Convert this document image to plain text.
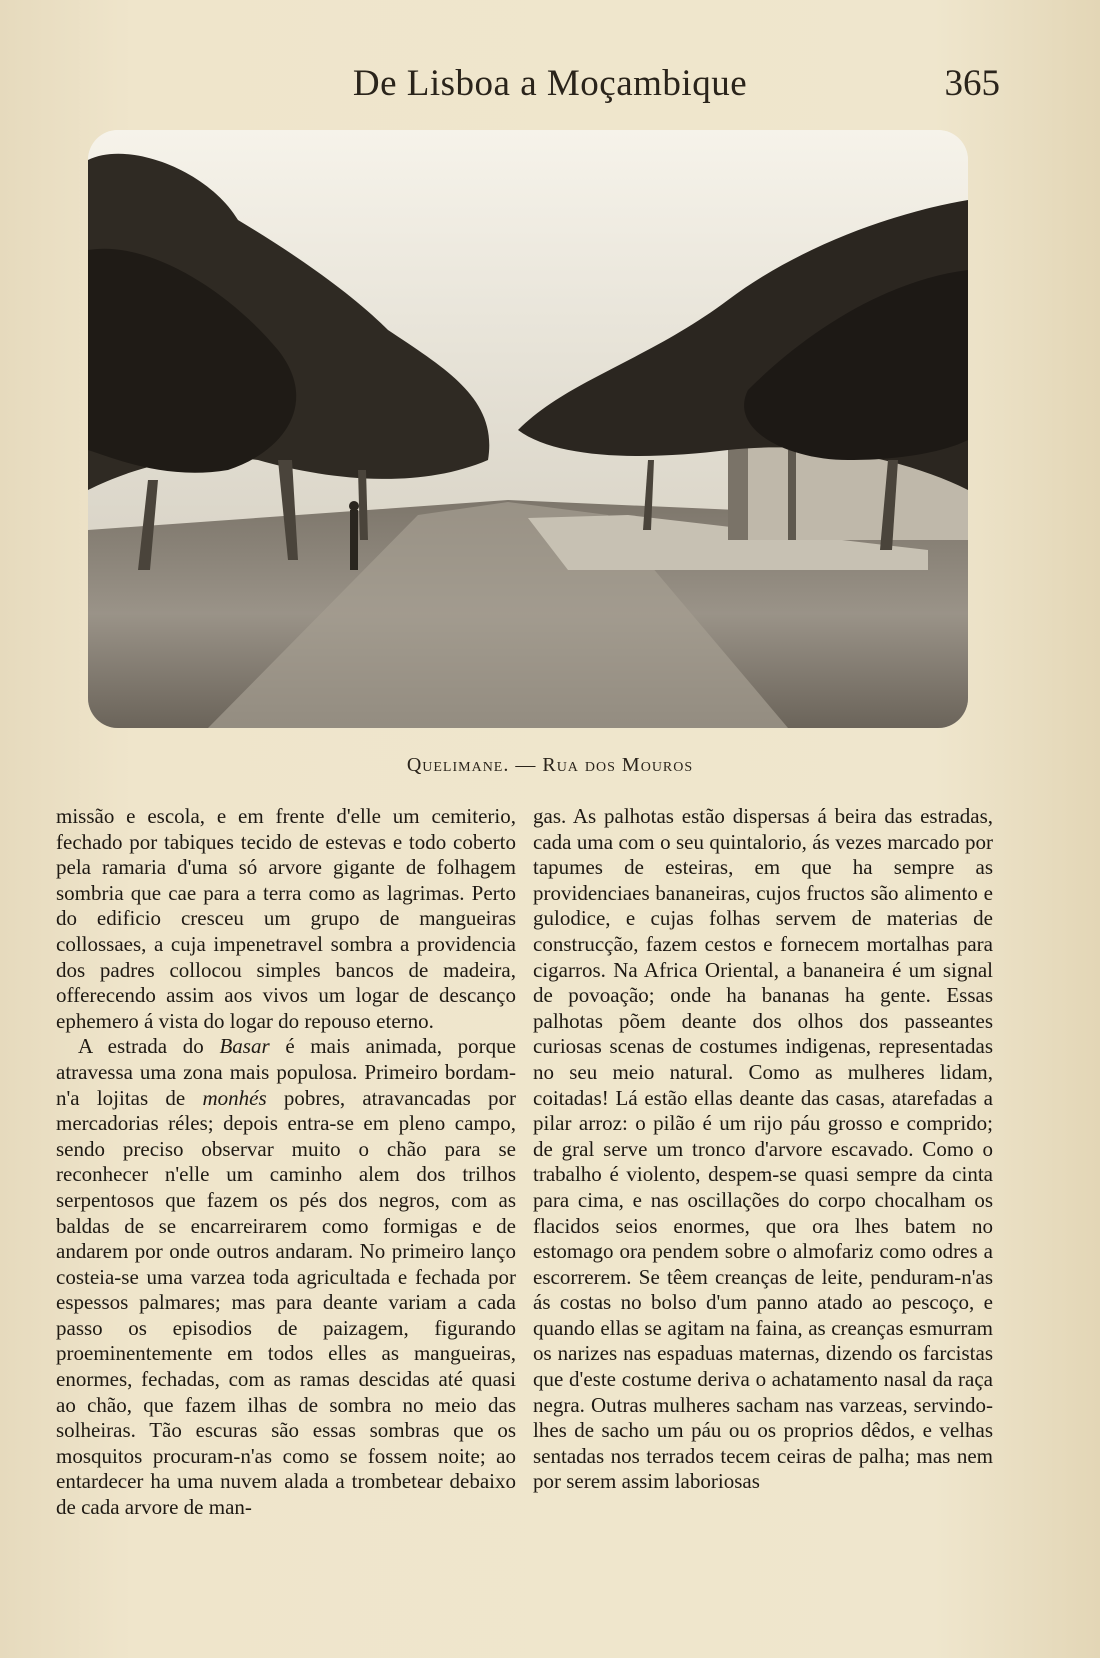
De Lisboa a Moçambique	365
Quelimane. — Rua dos Mouros

missão e escola, e em frente d'elle um cemiterio, fechado por tabiques tecido de estevas e todo coberto pela ramaria d'uma só arvore gigante de folhagem sombria que cae para a terra como as lagrimas. Perto do edificio cresceu um grupo de mangueiras collossaes, a cuja impenetravel sombra a providencia dos padres collocou simples bancos de madeira, offerecendo assim aos vivos um logar de descanço ephemero á vista do logar do repouso eterno.

A estrada do Basar é mais animada, porque atravessa uma zona mais populosa. Primeiro bordam-n'a lojitas de monhés pobres, atravancadas por mercadorias réles; depois entra-se em pleno campo, sendo preciso observar muito o chão para se reconhecer n'elle um caminho alem dos trilhos serpentosos que fazem os pés dos negros, com as baldas de se encarreirarem como formigas e de andarem por onde outros andaram. No primeiro lanço costeia-se uma varzea toda agricultada e fechada por espessos palmares; mas para deante variam a cada passo os episodios de paizagem, figurando proeminentemente em todos elles as mangueiras, enormes, fechadas, com as ramas descidas até quasi ao chão, que fazem ilhas de sombra no meio das solheiras. Tão escuras são essas sombras que os mosquitos procuram-n'as como se fossem noite; ao entardecer ha uma nuvem alada a trombetear debaixo de cada arvore de man-

gas. As palhotas estão dispersas á beira das estradas, cada uma com o seu quintalorio, ás vezes marcado por tapumes de esteiras, em que ha sempre as providenciaes bananeiras, cujos fructos são alimento e gulodice, e cujas folhas servem de materias de construcção, fazem cestos e fornecem mortalhas para cigarros. Na Africa Oriental, a bananeira é um signal de povoação; onde ha bananas ha gente. Essas palhotas põem deante dos olhos dos passeantes curiosas scenas de costumes indigenas, representadas no seu meio natural. Como as mulheres lidam, coitadas! Lá estão ellas deante das casas, atarefadas a pilar arroz: o pilão é um rijo páu grosso e comprido; de gral serve um tronco d'arvore escavado. Como o trabalho é violento, despem-se quasi sempre da cinta para cima, e nas oscillações do corpo chocalham os flacidos seios enormes, que ora lhes batem no estomago ora pendem sobre o almofariz como odres a escorrerem. Se têem creanças de leite, penduram-n'as ás costas no bolso d'um panno atado ao pescoço, e quando ellas se agitam na faina, as creanças esmurram os narizes nas espaduas maternas, dizendo os farcistas que d'este costume deriva o achatamento nasal da raça negra. Outras mulheres sacham nas varzeas, servindo-lhes de sacho um páu ou os proprios dêdos, e velhas sentadas nos terrados tecem ceiras de palha; mas nem por serem assim laboriosas
